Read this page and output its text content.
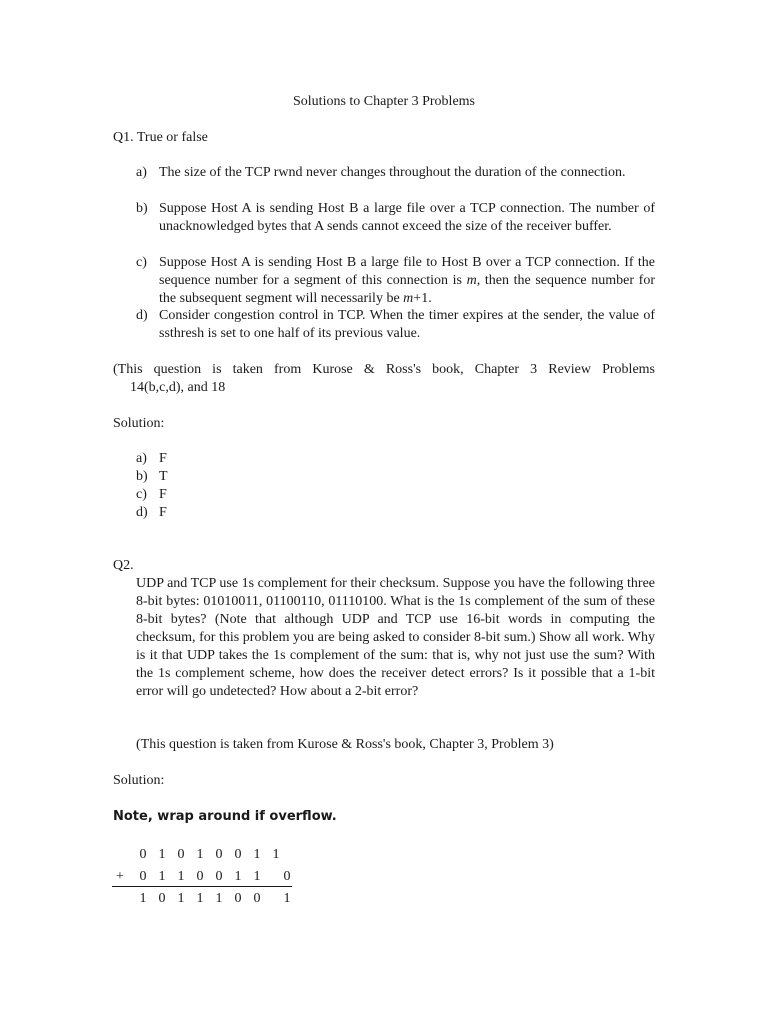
Solutions to Chapter 3 Problems
Q1. True or false
a) The size of the TCP rwnd never changes throughout the duration of the connection.
b) Suppose Host A is sending Host B a large file over a TCP connection. The number of unacknowledged bytes that A sends cannot exceed the size of the receiver buffer.
c) Suppose Host A is sending Host B a large file to Host B over a TCP connection. If the sequence number for a segment of this connection is m, then the sequence number for the subsequent segment will necessarily be m+1.
d) Consider congestion control in TCP. When the timer expires at the sender, the value of ssthresh is set to one half of its previous value.
(This question is taken from Kurose & Ross's book, Chapter 3 Review Problems
14(b,c,d), and 18
Solution:
a) F
b) T
c) F
d) F
Q2.
UDP and TCP use 1s complement for their checksum. Suppose you have the following three 8-bit bytes: 01010011, 01100110, 01110100. What is the 1s complement of the sum of these 8-bit bytes? (Note that although UDP and TCP use 16-bit words in computing the checksum, for this problem you are being asked to consider 8-bit sum.) Show all work. Why is it that UDP takes the 1s complement of the sum: that is, why not just use the sum? With the 1s complement scheme, how does the receiver detect errors? Is it possible that a 1-bit error will go undetected? How about a 2-bit error?
(This question is taken from Kurose & Ross's book, Chapter 3, Problem 3)
Solution:
Note, wrap around if overflow.
0 1 0 1 0 0 1 1
+ 0 1 1 0 0 1 1 0
1 0 1 1 1 0 0 1
